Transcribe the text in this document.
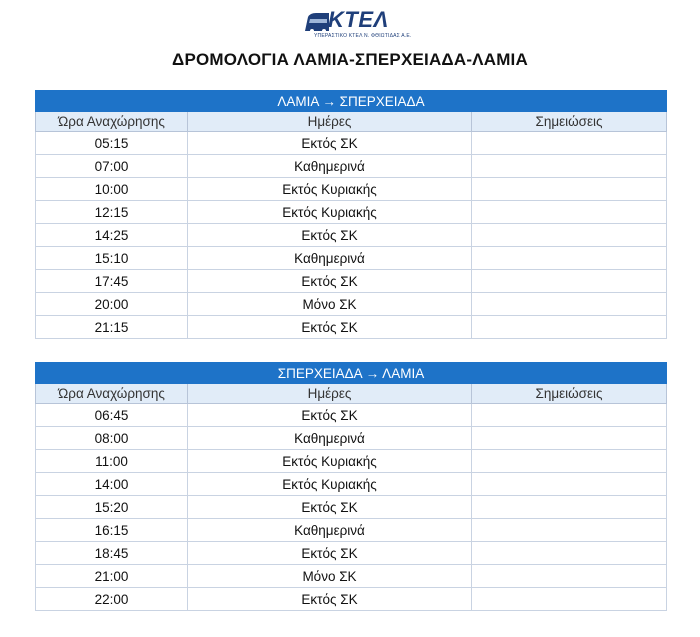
ΚΤΕΛ
ΥΠΕΡΑΣΤΙΚΟ ΚΤΕΛ Ν. ΦΘΙΩΤΙΔΑΣ Α.Ε.
ΔΡΟΜΟΛΟΓΙΑ ΛΑΜΙΑ-ΣΠΕΡΧΕΙΑΔΑ-ΛΑΜΙΑ
ΛΑΜΙΑ → ΣΠΕΡΧΕΙΑΔΑ		
Ώρα Αναχώρησης	Ημέρες	Σημειώσεις
05:15	Εκτός ΣΚ	
07:00	Καθημερινά	
10:00	Εκτός Κυριακής	
12:15	Εκτός Κυριακής	
14:25	Εκτός ΣΚ	
15:10	Καθημερινά	
17:45	Εκτός ΣΚ	
20:00	Μόνο ΣΚ	
21:15	Εκτός ΣΚ	
ΣΠΕΡΧΕΙΑΔΑ → ΛΑΜΙΑ		
Ώρα Αναχώρησης	Ημέρες	Σημειώσεις
06:45	Εκτός ΣΚ	
08:00	Καθημερινά	
11:00	Εκτός Κυριακής	
14:00	Εκτός Κυριακής	
15:20	Εκτός ΣΚ	
16:15	Καθημερινά	
18:45	Εκτός ΣΚ	
21:00	Μόνο ΣΚ	
22:00	Εκτός ΣΚ	
